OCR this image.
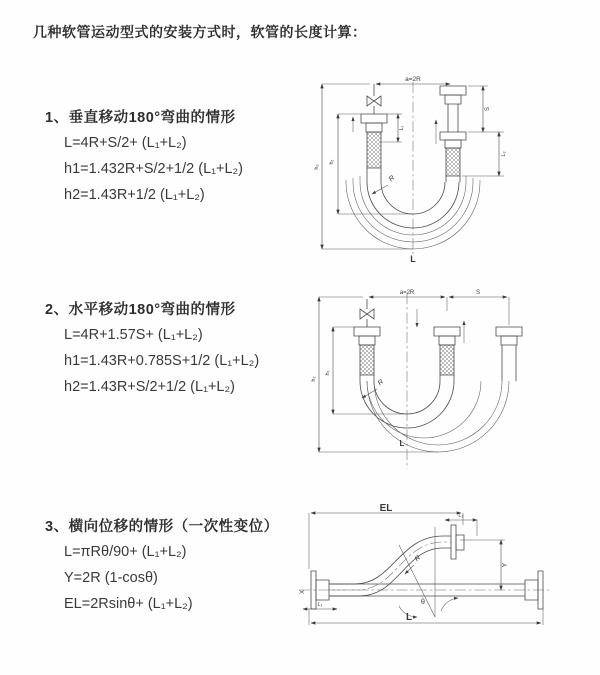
几种软管运动型式的安装方式时，软管的长度计算：
1、垂直移动180°弯曲的情形
L=4R+S/2+ (L₁+L₂)
h1=1.432R+S/2+1/2 (L₁+L₂)
h2=1.43R+1/2 (L₁+L₂)
2、水平移动180°弯曲的情形
L=4R+1.57S+ (L₁+L₂)
h1=1.43R+0.785S+1/2 (L₁+L₂)
h2=1.43R+S/2+1/2 (L₁+L₂)
3、横向位移的情形（一次性变位）
L=πRθ/90+ (L₁+L₂)
Y=2R (1-cosθ)
EL=2Rsinθ+ (L₁+L₂)
a=2R
L₁
S
L₂
h₂
h₁
R
L
a=2R	S
h₂
h₁
R
L
EL
L₂
Y
X
R
θ
L₁
L
